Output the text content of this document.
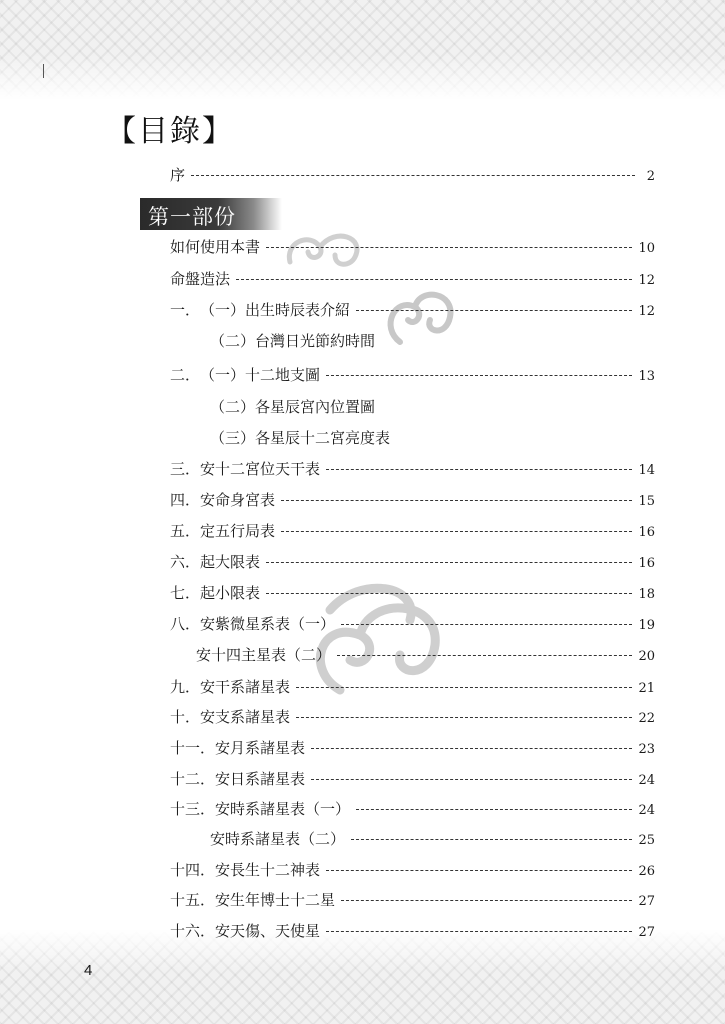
【目錄】
序	2
第一部份
如何使用本書	10
命盤造法	12
一． （一）出生時辰表介紹	12
（二）台灣日光節約時間
二． （一）十二地支圖	13
（二）各星辰宮內位置圖
（三）各星辰十二宮亮度表
三． 安十二宮位天干表	14
四． 安命身宮表	15
五． 定五行局表	16
六． 起大限表	16
七． 起小限表	18
八． 安紫微星系表（一）	19
安十四主星表（二）	20
九． 安干系諸星表	21
十． 安支系諸星表	22
十一． 安月系諸星表	23
十二． 安日系諸星表	24
十三． 安時系諸星表（一）	24
安時系諸星表（二）	25
十四． 安長生十二神表	26
十五． 安生年博士十二星	27
十六． 安天傷、天使星	27
4
